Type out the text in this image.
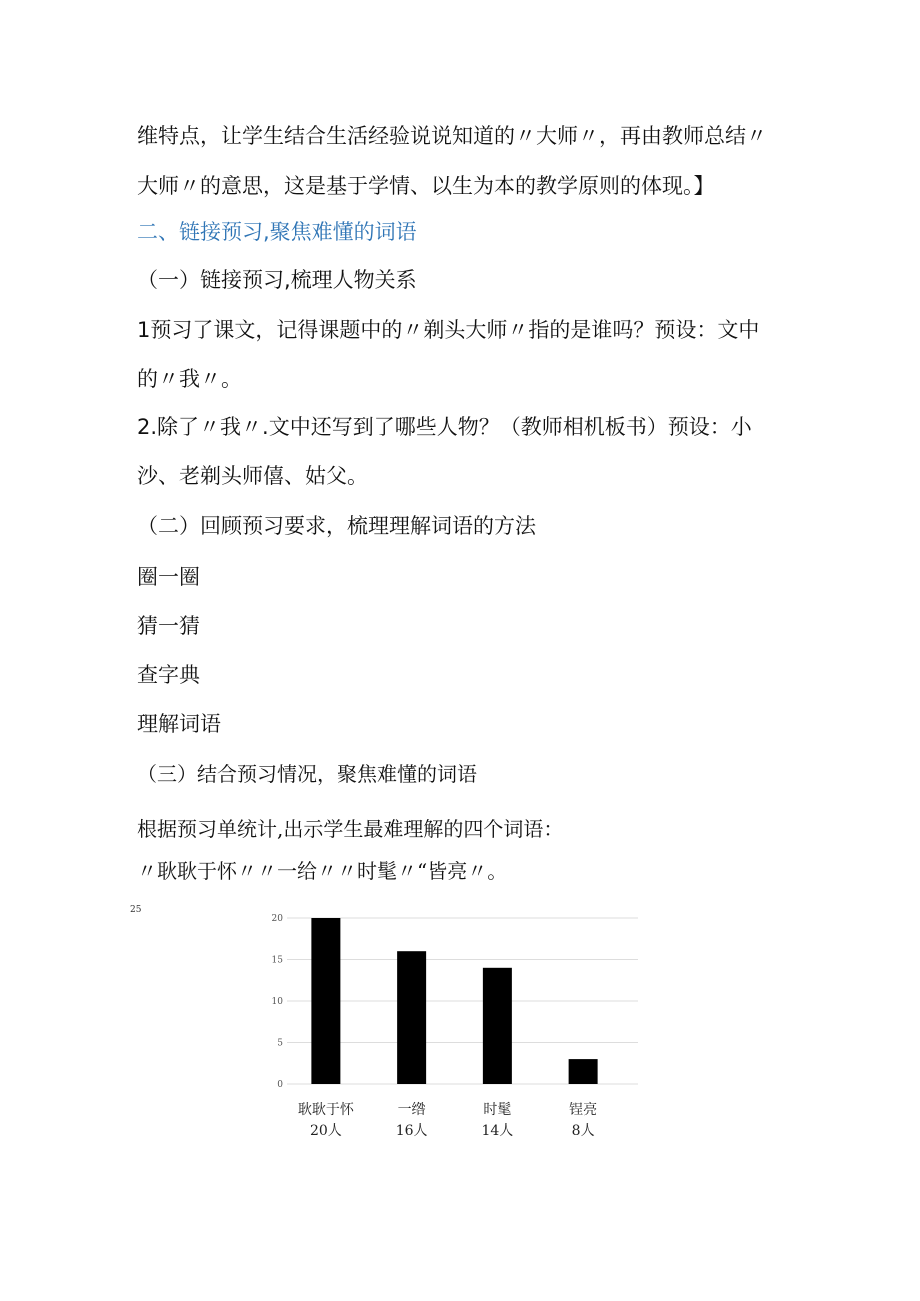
维特点，让学生结合生活经验说说知道的〃大师〃，再由教师总结〃
大师〃的意思，这是基于学情、以生为本的教学原则的体现。】
二、链接预习,聚焦难懂的词语
（一）链接预习,梳理人物关系
1预习了课文，记得课题中的〃剃头大师〃指的是谁吗？预设：文中
的〃我〃。
2.除了〃我〃.文中还写到了哪些人物？（教师相机板书）预设：小
沙、老剃头师僖、姑父。
（二）回顾预习要求，梳理理解词语的方法
圈一圈
猜一猜
查字典
理解词语
（三）结合预习情况，聚焦难懂的词语
根据预习单统计,出示学生最难理解的四个词语：
〃耿耿于怀〃〃一给〃〃时髦〃“皆亮〃。
25
0
5
10
15
20
耿耿于怀
20人
一绺
16人
时髦
14人
锃亮
8人
